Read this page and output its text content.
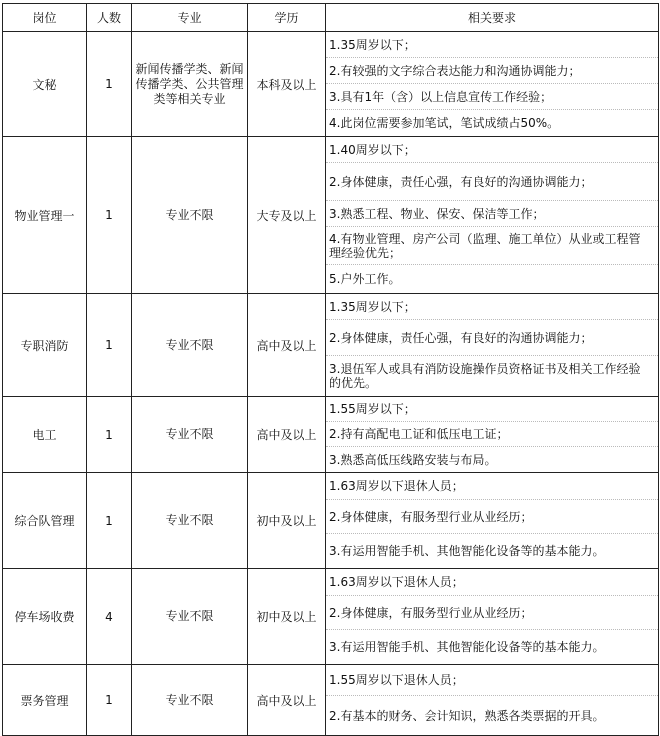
岗位	人数	专业	学历	相关要求
文秘	1	新闻传播学类、新闻传播学类、公共管理类等相关专业	本科及以上	1.35周岁以下；
2.有较强的文字综合表达能力和沟通协调能力；
3.具有1年（含）以上信息宣传工作经验；
4.此岗位需要参加笔试，笔试成绩占50%。

物业管理一	1	专业不限	大专及以上	1.40周岁以下；
2.身体健康，责任心强，有良好的沟通协调能力；
3.熟悉工程、物业、保安、保洁等工作；
4.有物业管理、房产公司（监理、施工单位）从业或工程管理经验优先；
5.户外工作。

专职消防	1	专业不限	高中及以上	1.35周岁以下；
2.身体健康，责任心强，有良好的沟通协调能力；
3.退伍军人或具有消防设施操作员资格证书及相关工作经验的优先。

电工	1	专业不限	高中及以上	1.55周岁以下；
2.持有高配电工证和低压电工证；
3.熟悉高低压线路安装与布局。

综合队管理	1	专业不限	初中及以上	1.63周岁以下退休人员；
2.身体健康，有服务型行业从业经历；
3.有运用智能手机、其他智能化设备等的基本能力。

停车场收费	4	专业不限	初中及以上	1.63周岁以下退休人员；
2.身体健康，有服务型行业从业经历；
3.有运用智能手机、其他智能化设备等的基本能力。

票务管理	1	专业不限	高中及以上	1.55周岁以下退休人员；
2.有基本的财务、会计知识，熟悉各类票据的开具。
